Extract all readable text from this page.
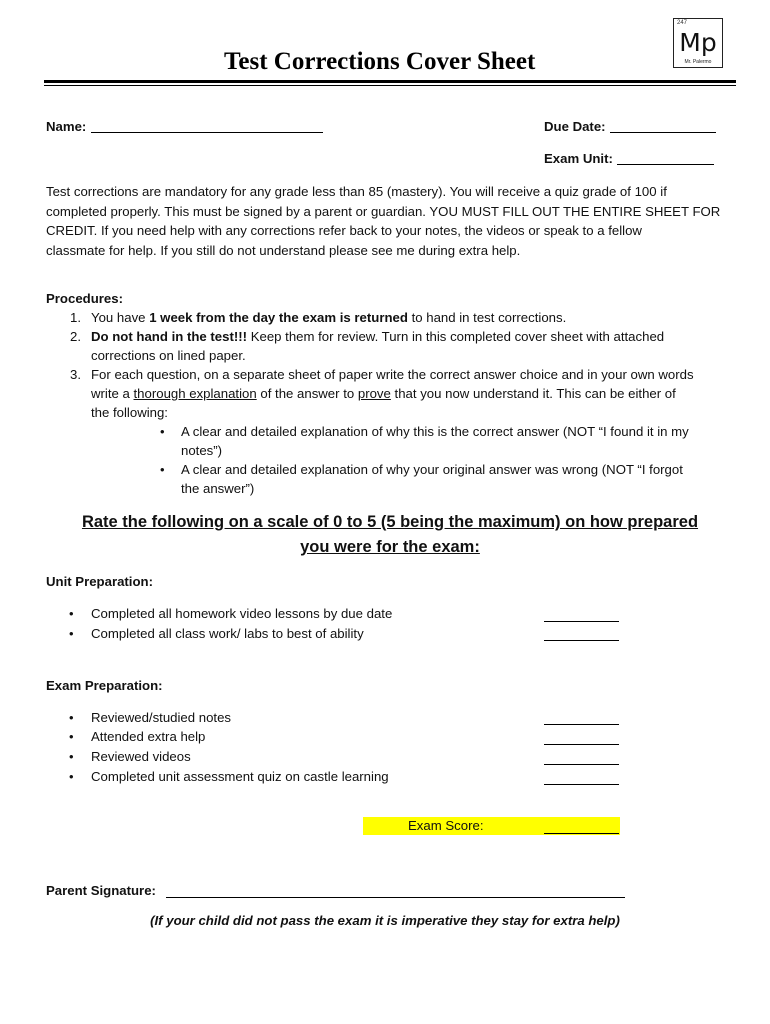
Test Corrections Cover Sheet
247
Mp
Mr. Palermo
Name:	Due Date:
Exam Unit:
Test corrections are mandatory for any grade less than 85 (mastery). You will receive a quiz grade of 100 if
completed properly. This must be signed by a parent or guardian. YOU MUST FILL OUT THE ENTIRE SHEET FOR
CREDIT. If you need help with any corrections refer back to your notes, the videos or speak to a fellow
classmate for help. If you still do not understand please see me during extra help.
Procedures:
1. You have 1 week from the day the exam is returned to hand in test corrections.
2. Do not hand in the test!!! Keep them for review. Turn in this completed cover sheet with attached
corrections on lined paper.
3. For each question, on a separate sheet of paper write the correct answer choice and in your own words
write a thorough explanation of the answer to prove that you now understand it. This can be either of
the following:
• A clear and detailed explanation of why this is the correct answer (NOT “I found it in my
notes”)
• A clear and detailed explanation of why your original answer was wrong (NOT “I forgot
the answer”)
Rate the following on a scale of 0 to 5 (5 being the maximum) on how prepared
you were for the exam:
Unit Preparation:
• Completed all homework video lessons by due date
• Completed all class work/ labs to best of ability
Exam Preparation:
• Reviewed/studied notes
• Attended extra help
• Reviewed videos
• Completed unit assessment quiz on castle learning
Exam Score:
Parent Signature:
(If your child did not pass the exam it is imperative they stay for extra help)
